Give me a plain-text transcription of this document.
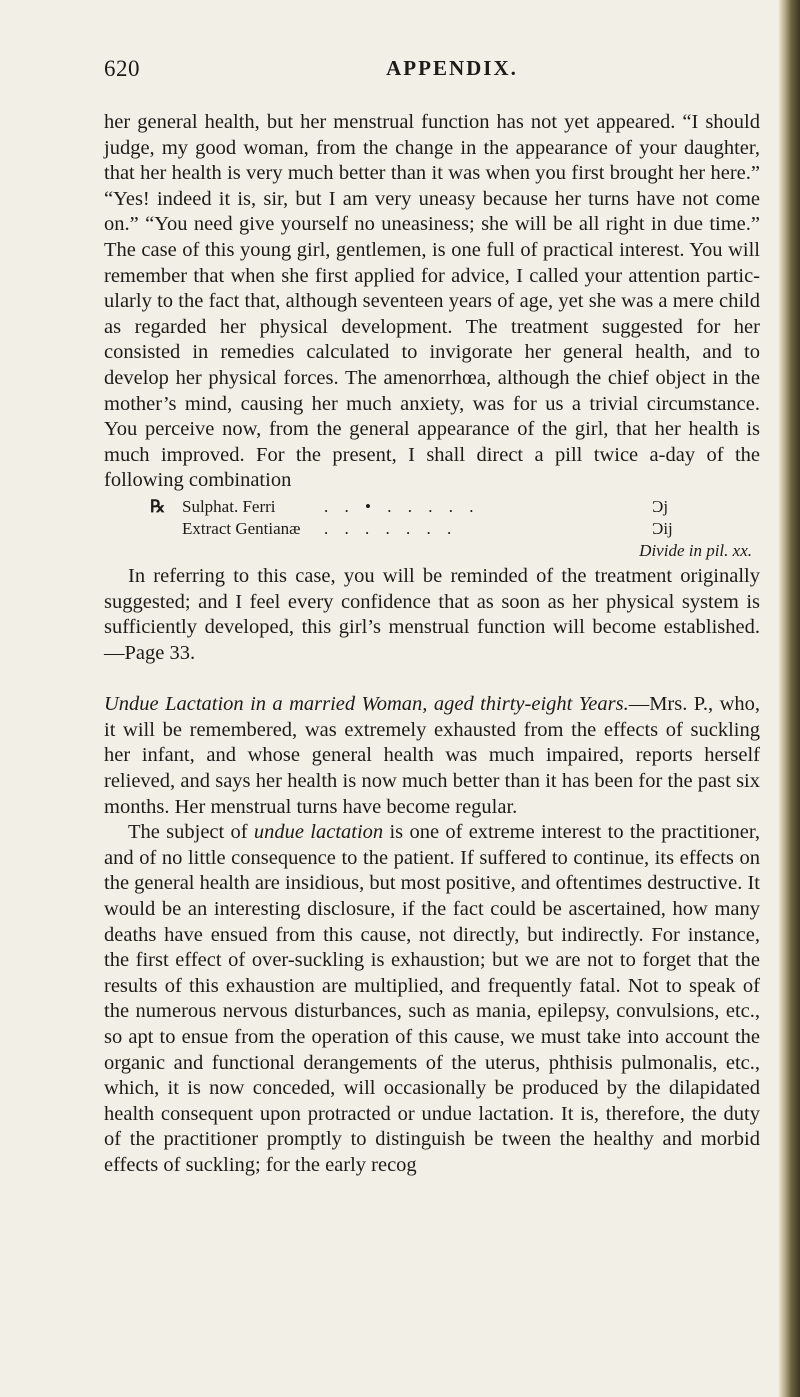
620	APPENDIX.

her general health, but her menstrual function has not yet appeared. “I should judge, my good woman, from the change in the appearance of your daughter, that her health is very much better than it was when you first brought her here.” “Yes! indeed it is, sir, but I am very uneasy because her turns have not come on.” “You need give yourself no uneasiness; she will be all right in due time.” The case of this young girl, gentlemen, is one full of practical interest. You will remember that when she first applied for advice, I called your attention particularly to the fact that, although seventeen years of age, yet she was a mere child as regarded her physical development. The treatment suggested for her consisted in remedies calculated to invigorate her general health, and to develop her physical forces. The amenorrhœa, although the chief object in the mother’s mind, causing her much anxiety, was for us a trivial circumstance. You perceive now, from the general appearance of the girl, that her health is much improved. For the present, I shall direct a pill twice a-day of the following combination

℞ Sulphat. Ferri	. . • . . . . .	Ɔj
Extract Gentianæ . . . . . . .	Ɔij
Divide in pil. xx.

In referring to this case, you will be reminded of the treatment originally suggested; and I feel every confidence that as soon as her physical system is sufficiently developed, this girl’s menstrual function will become established.—Page 33.

Undue Lactation in a married Woman, aged thirty-eight Years.—Mrs. P., who, it will be remembered, was extremely exhausted from the effects of suckling her infant, and whose general health was much impaired, reports herself relieved, and says her health is now much better than it has been for the past six months. Her menstrual turns have become regular.

The subject of undue lactation is one of extreme interest to the practitioner, and of no little consequence to the patient. If suffered to continue, its effects on the general health are insidious, but most positive, and oftentimes destructive. It would be an interesting disclosure, if the fact could be ascertained, how many deaths have ensued from this cause, not directly, but indirectly. For instance, the first effect of over-suckling is exhaustion; but we are not to forget that the results of this exhaustion are multiplied, and frequently fatal. Not to speak of the numerous nervous disturbances, such as mania, epilepsy, convulsions, etc., so apt to ensue from the operation of this cause, we must take into account the organic and functional derangements of the uterus, phthisis pulmonalis, etc., which, it is now conceded, will occasionally be produced by the dilapidated health consequent upon protracted or undue lactation. It is, therefore, the duty of the practitioner promptly to distinguish be tween the healthy and morbid effects of suckling; for the early recog
